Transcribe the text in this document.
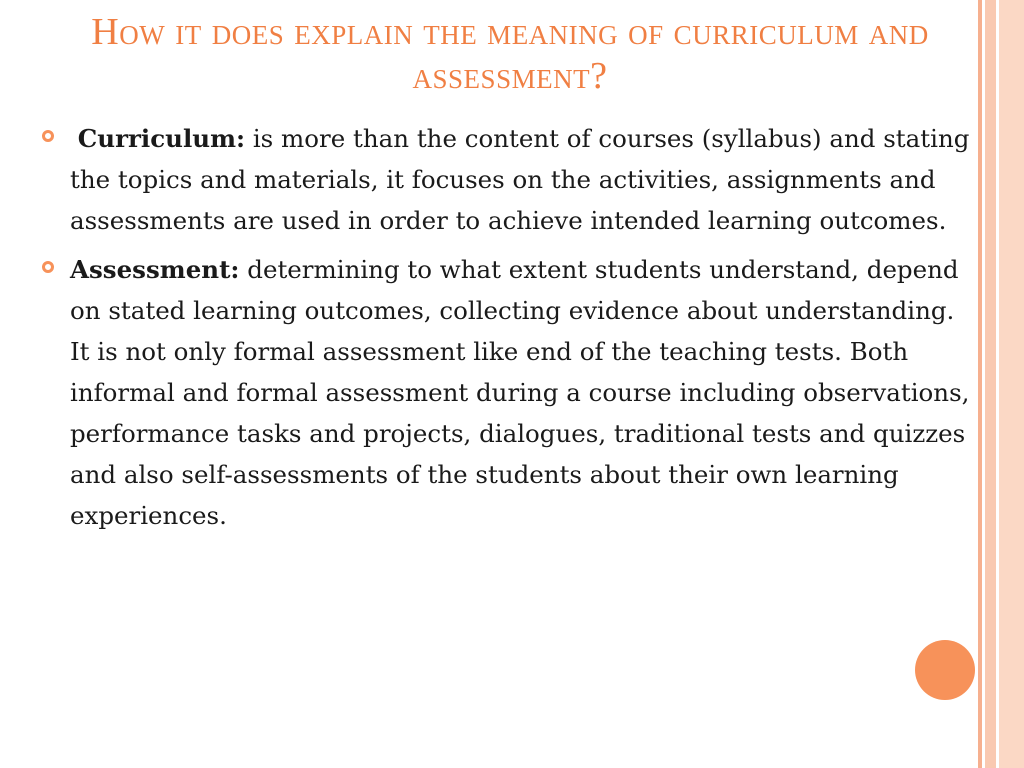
How it does explain the meaning of curriculum and assessment?

Curriculum: is more than the content of courses (syllabus) and stating the topics and materials, it focuses on the activities, assignments and assessments are used in order to achieve intended learning outcomes.

Assessment: determining to what extent students understand, depend on stated learning outcomes, collecting evidence about understanding. It is not only formal assessment like end of the teaching tests. Both informal and formal assessment during a course including observations, performance tasks and projects, dialogues, traditional tests and quizzes and also self-assessments of the students about their own learning experiences.
